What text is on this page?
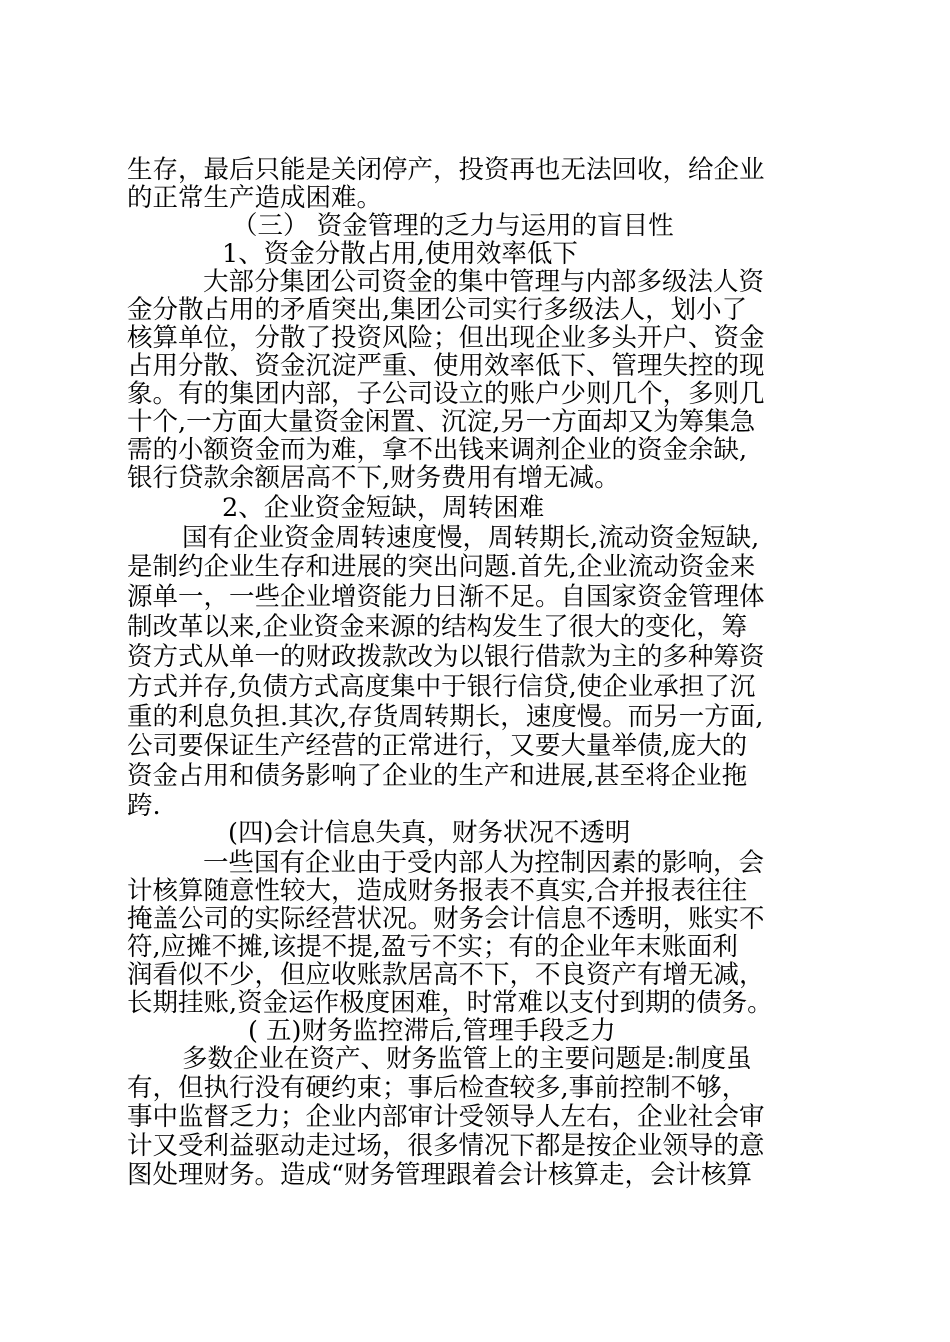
生存，最后只能是关闭停产，投资再也无法回收，给企业
的正常生产造成困难。
（三） 资金管理的乏力与运用的盲目性
1、资金分散占用,使用效率低下
大部分集团公司资金的集中管理与内部多级法人资
金分散占用的矛盾突出,集团公司实行多级法人，划小了
核算单位，分散了投资风险；但出现企业多头开户、资金
占用分散、资金沉淀严重、使用效率低下、管理失控的现
象。有的集团内部，子公司设立的账户少则几个，多则几
十个,一方面大量资金闲置、沉淀,另一方面却又为筹集急
需的小额资金而为难，拿不出钱来调剂企业的资金余缺,
银行贷款余额居高不下,财务费用有增无减。
2、企业资金短缺，周转困难
国有企业资金周转速度慢，周转期长,流动资金短缺,
是制约企业生存和进展的突出问题.首先,企业流动资金来
源单一，一些企业增资能力日渐不足。自国家资金管理体
制改革以来,企业资金来源的结构发生了很大的变化，筹
资方式从单一的财政拨款改为以银行借款为主的多种筹资
方式并存,负债方式高度集中于银行信贷,使企业承担了沉
重的利息负担.其次,存货周转期长，速度慢。而另一方面,
公司要保证生产经营的正常进行，又要大量举债,庞大的
资金占用和债务影响了企业的生产和进展,甚至将企业拖
跨.
(四)会计信息失真，财务状况不透明
一些国有企业由于受内部人为控制因素的影响，会
计核算随意性较大，造成财务报表不真实,合并报表往往
掩盖公司的实际经营状况。财务会计信息不透明，账实不
符,应摊不摊,该提不提,盈亏不实；有的企业年末账面利
润看似不少，但应收账款居高不下，不良资产有增无减，
长期挂账,资金运作极度困难，时常难以支付到期的债务。
( 五)财务监控滞后,管理手段乏力
多数企业在资产、财务监管上的主要问题是:制度虽
有，但执行没有硬约束；事后检查较多,事前控制不够，
事中监督乏力；企业内部审计受领导人左右，企业社会审
计又受利益驱动走过场，很多情况下都是按企业领导的意
图处理财务。造成“财务管理跟着会计核算走，会计核算
